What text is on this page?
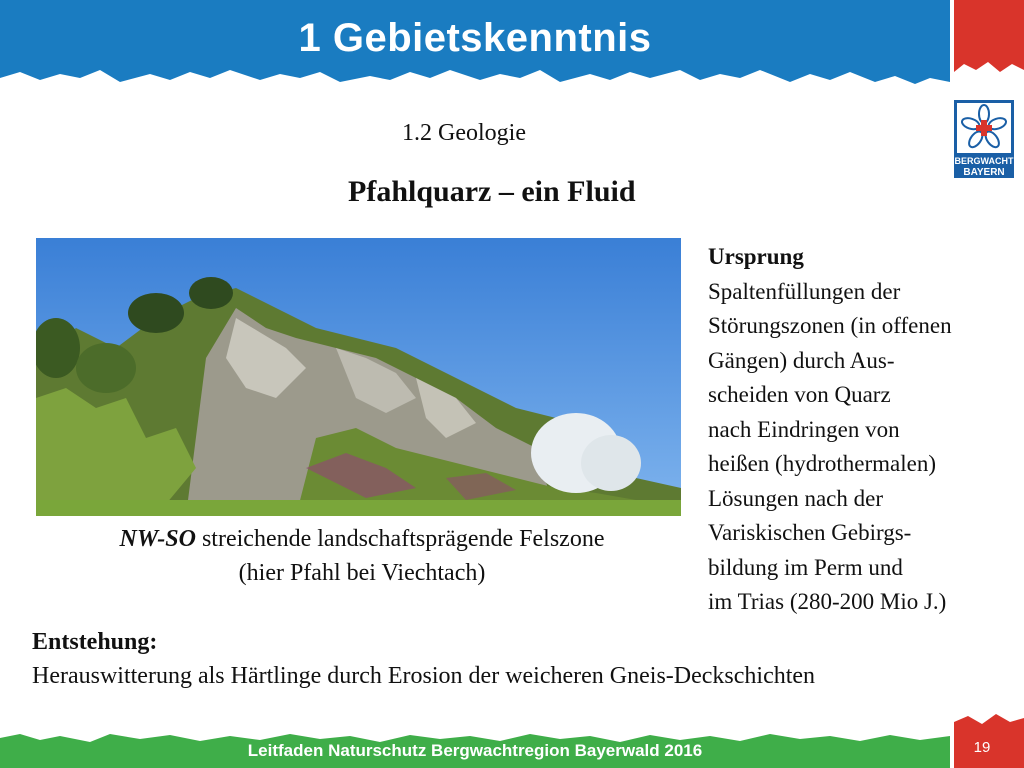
1 Gebietskenntnis
BERGWACHT
BAYERN
1.2 Geologie
Pfahlquarz – ein Fluid
NW-SO streichende landschaftsprägende Felszone
(hier Pfahl bei Viechtach)
Ursprung
Spaltenfüllungen der
Störungszonen (in offenen
Gängen) durch Aus-
scheiden von Quarz
nach Eindringen von
heißen (hydrothermalen)
Lösungen nach der
Variskischen Gebirgs-
bildung im Perm und
im Trias (280-200 Mio J.)
Entstehung:
Herauswitterung als Härtlinge durch Erosion der weicheren Gneis-Deckschichten
Leitfaden Naturschutz Bergwachtregion Bayerwald 2016	19
